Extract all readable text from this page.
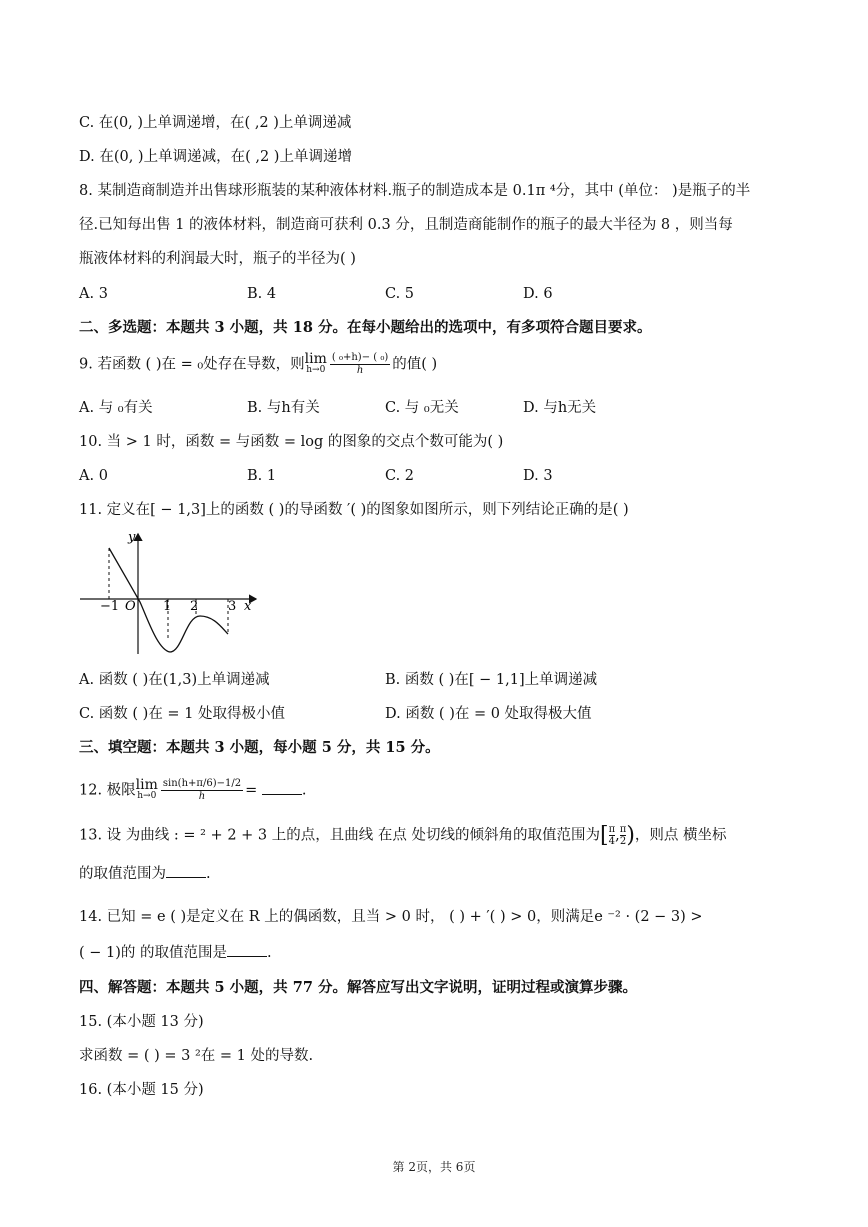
C. 在(0, )上单调递增，在( ,2 )上单调递减
D. 在(0, )上单调递减，在( ,2 )上单调递增
8. 某制造商制造并出售球形瓶装的某种液体材料.瓶子的制造成本是 0.1π ⁴分，其中 (单位： )是瓶子的半
径.已知每出售 1 的液体材料，制造商可获利 0.3 分，且制造商能制作的瓶子的最大半径为 8 ，则当每
瓶液体材料的利润最大时，瓶子的半径为( )
A. 3	B. 4	C. 5	D. 6
二、多选题：本题共 3 小题，共 18 分。在每小题给出的选项中，有多项符合题目要求。
9. 若函数 ( )在 = ₀处存在导数，则 lim
$h\to 0 \frac{\text{( ₀+h)− ( ₀)}}{h}$ 的值( )
A. 与 ₀有关	B. 与h有关	C. 与 ₀无关	D. 与h无关
10. 当 > 1 时，函数 = 与函数 = log 的图象的交点个数可能为( )
A. 0	B. 1	C. 2	D. 3
11. 定义在[ − 1,3]上的函数 ( )的导函数 ′( )的图象如图所示，则下列结论正确的是( )
y
x
O
−1	1 2 3
A. 函数 ( )在(1,3)上单调递减	B. 函数 ( )在[ − 1,1]上单调递减
C. 函数 ( )在 = 1 处取得极小值	D. 函数 ( )在 = 0 处取得极大值
三、填空题：本题共 3 小题，每小题 5 分，共 15 分。
12. 极限 lim
$h\to 0 \frac{\sin(h+\pi/6)-1/2}{h}$ =	.
13. 设 为曲线 : = ² + 2 + 3 上的点，且曲线 在点 处切线的倾斜角的取值范围为[ $\frac{\pi}{4}$ , $\frac{\pi}{2}$ )，则点 横坐标
的取值范围为	.
14. 已知 = e ( )是定义在 R 上的偶函数，且当 > 0 时， ( ) + ′( ) > 0，则满足e ⁻² · (2 − 3) >
( − 1)的 的取值范围是	.
四、解答题：本题共 5 小题，共 77 分。解答应写出文字说明，证明过程或演算步骤。
15. (本小题 13 分)
求函数 = ( ) = 3 ²在 = 1 处的导数.
16. (本小题 15 分)
第 2页，共 6页
